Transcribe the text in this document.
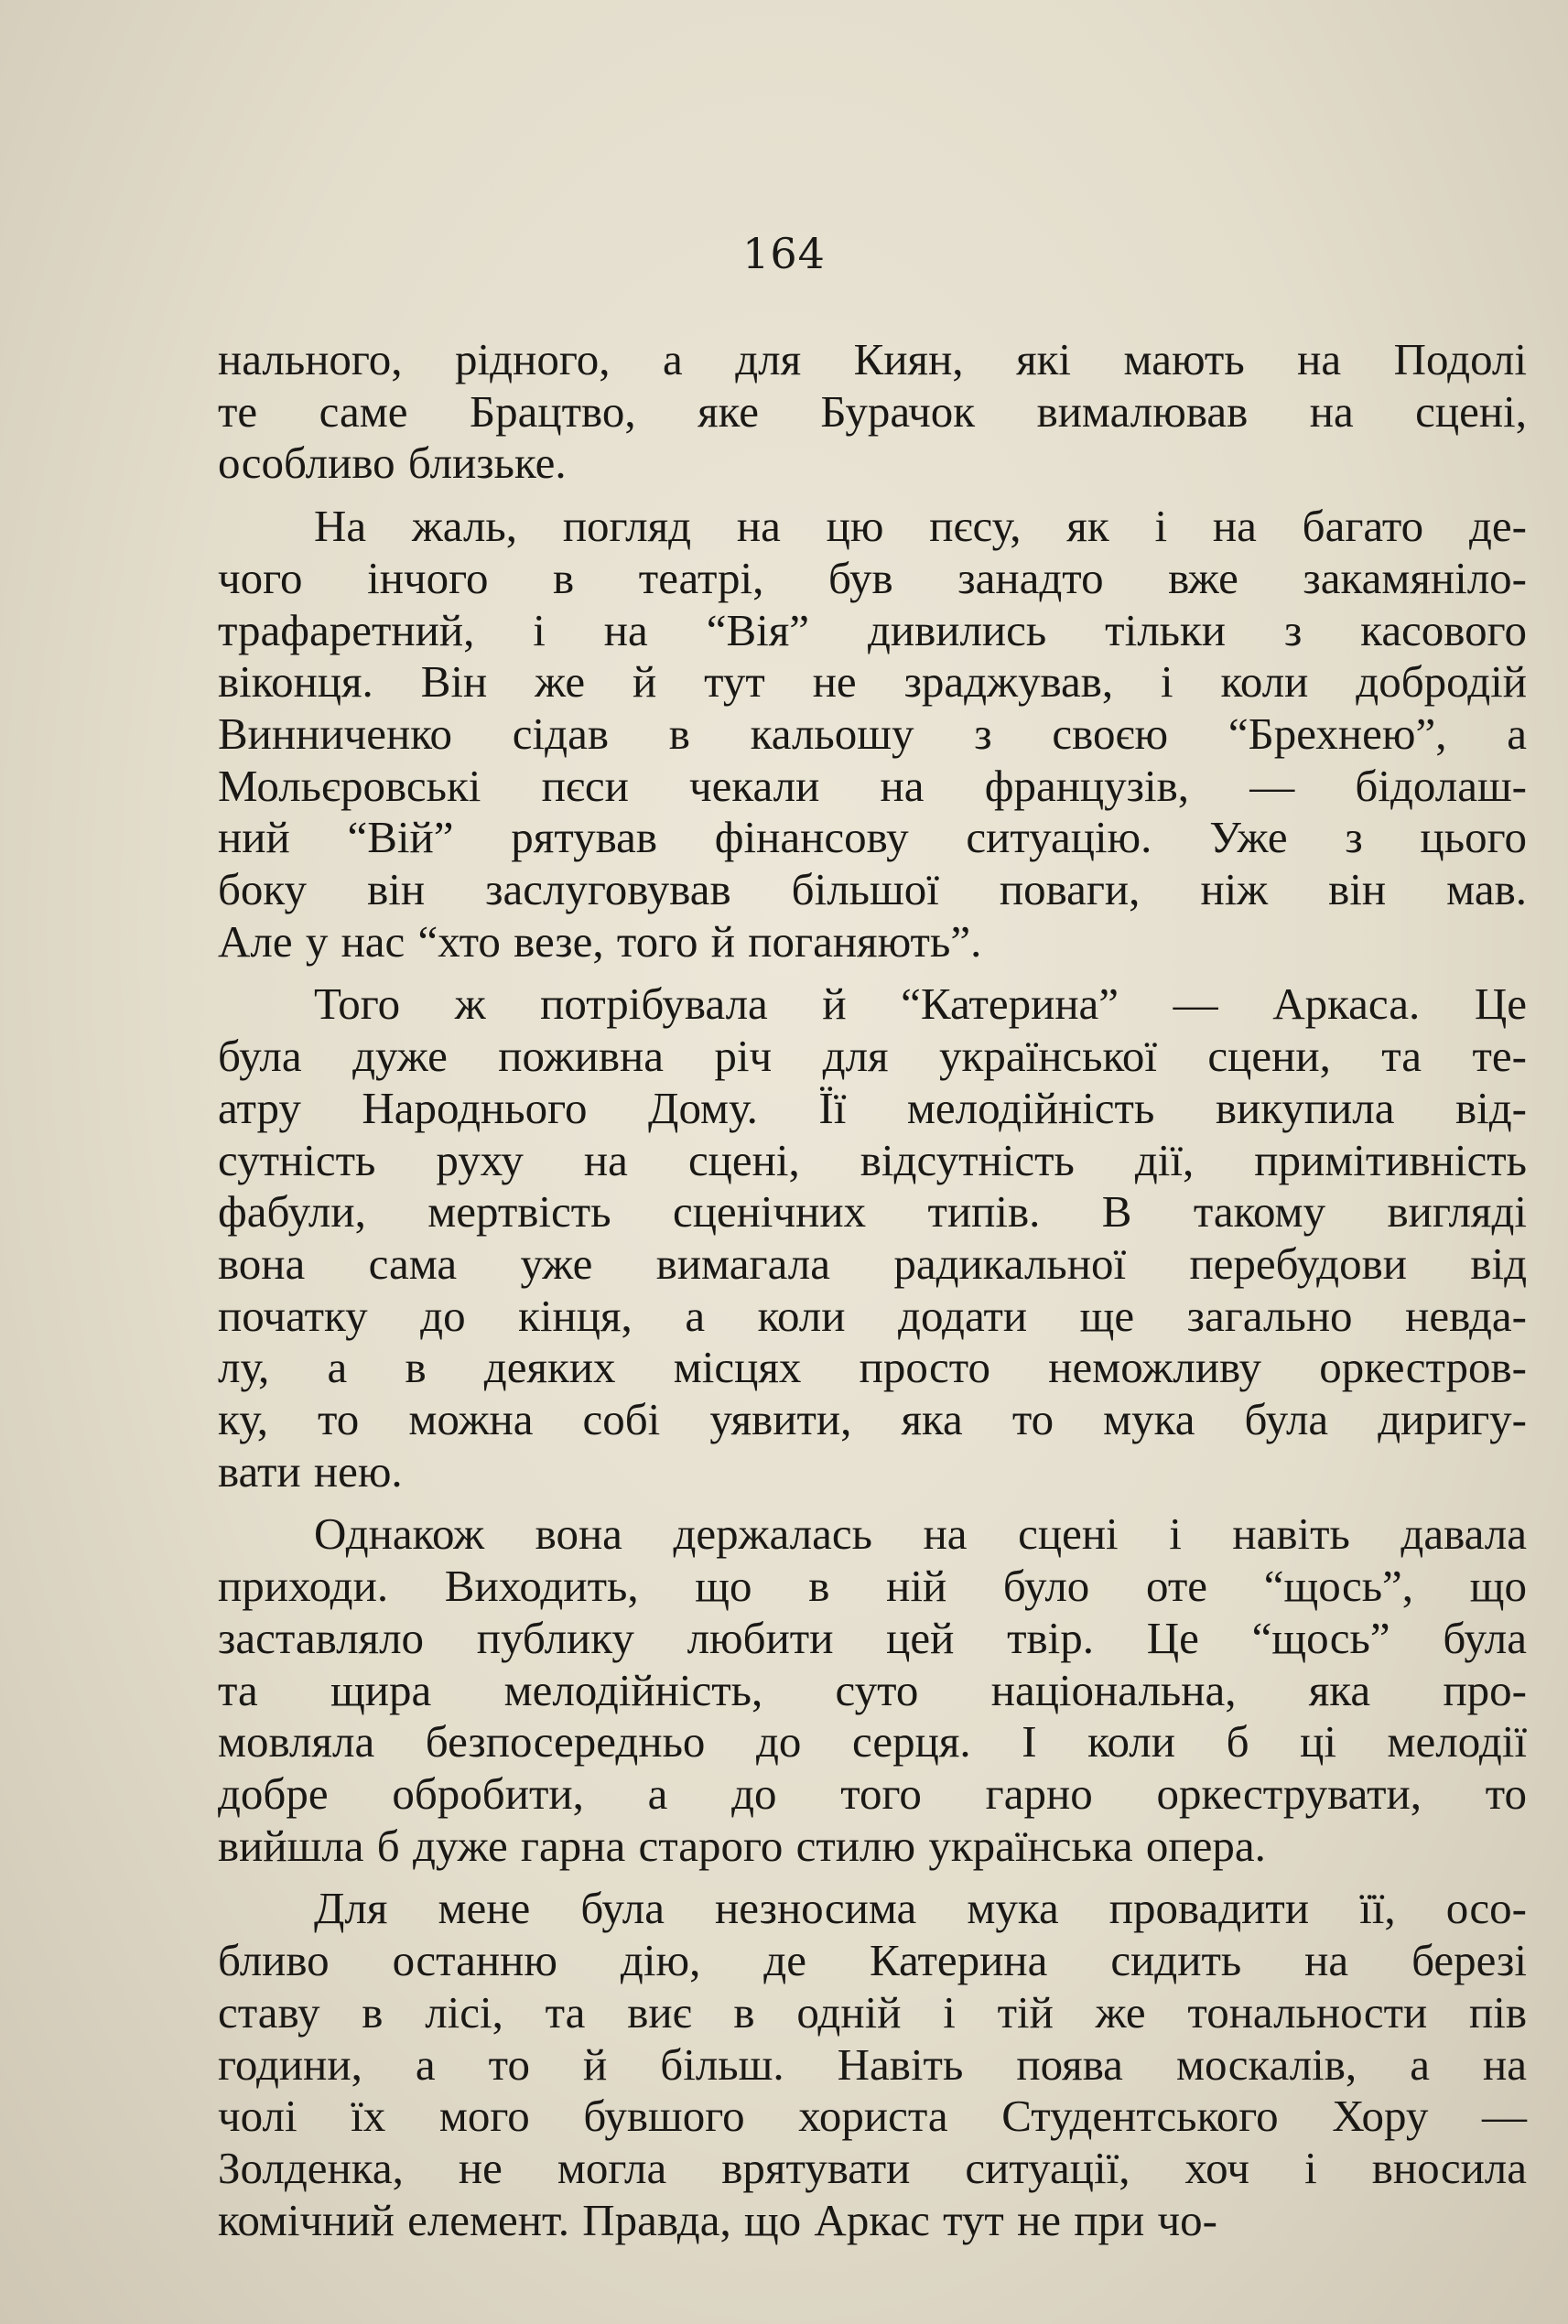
164
нального, рідного, а для Киян, які мають на Подолі
те саме Брацтво, яке Бурачок вималював на сцені,
особливо близьке.
На жаль, погляд на цю пєсу, як і на багато де-
чого інчого в театрі, був занадто вже закамяніло-
трафаретний, і на “Вія” дивились тільки з касового
віконця. Він же й тут не зраджував, і коли добродій
Винниченко сідав в кальошу з своєю “Брехнею”, а
Мольєровські пєси чекали на французів, — бідолаш-
ний “Вій” рятував фінансову ситуацію. Уже з цього
боку він заслуговував більшої поваги, ніж він мав.
Але у нас “хто везе, того й поганяють”.
Того ж потрібувала й “Катерина” — Аркаса. Це
була дуже поживна річ для української сцени, та те-
атру Народнього Дому. Її мелодійність викупила від-
сутність руху на сцені, відсутність дії, примітивність
фабули, мертвість сценічних типів. В такому вигляді
вона сама уже вимагала радикальної перебудови від
початку до кінця, а коли додати ще загально невда-
лу, а в деяких місцях просто неможливу оркестров-
ку, то можна собі уявити, яка то мука була диригу-
вати нею.
Однакож вона держалась на сцені і навіть давала
приходи. Виходить, що в ній було оте “щось”, що
заставляло публику любити цей твір. Це “щось” була
та щира мелодійність, суто національна, яка про-
мовляла безпосередньо до серця. І коли б ці мелодії
добре обробити, а до того гарно оркеструвати, то
вийшла б дуже гарна старого стилю українська опера.
Для мене була незносима мука провадити її, осо-
бливо останню дію, де Катерина сидить на березі
ставу в лісі, та виє в одній і тій же тональности пів
години, а то й більш. Навіть поява москалів, а на
чолі їх мого бувшого хориста Студентського Хору —
Золденка, не могла врятувати ситуації, хоч і вносила
комічний елемент. Правда, що Аркас тут не при чо-
